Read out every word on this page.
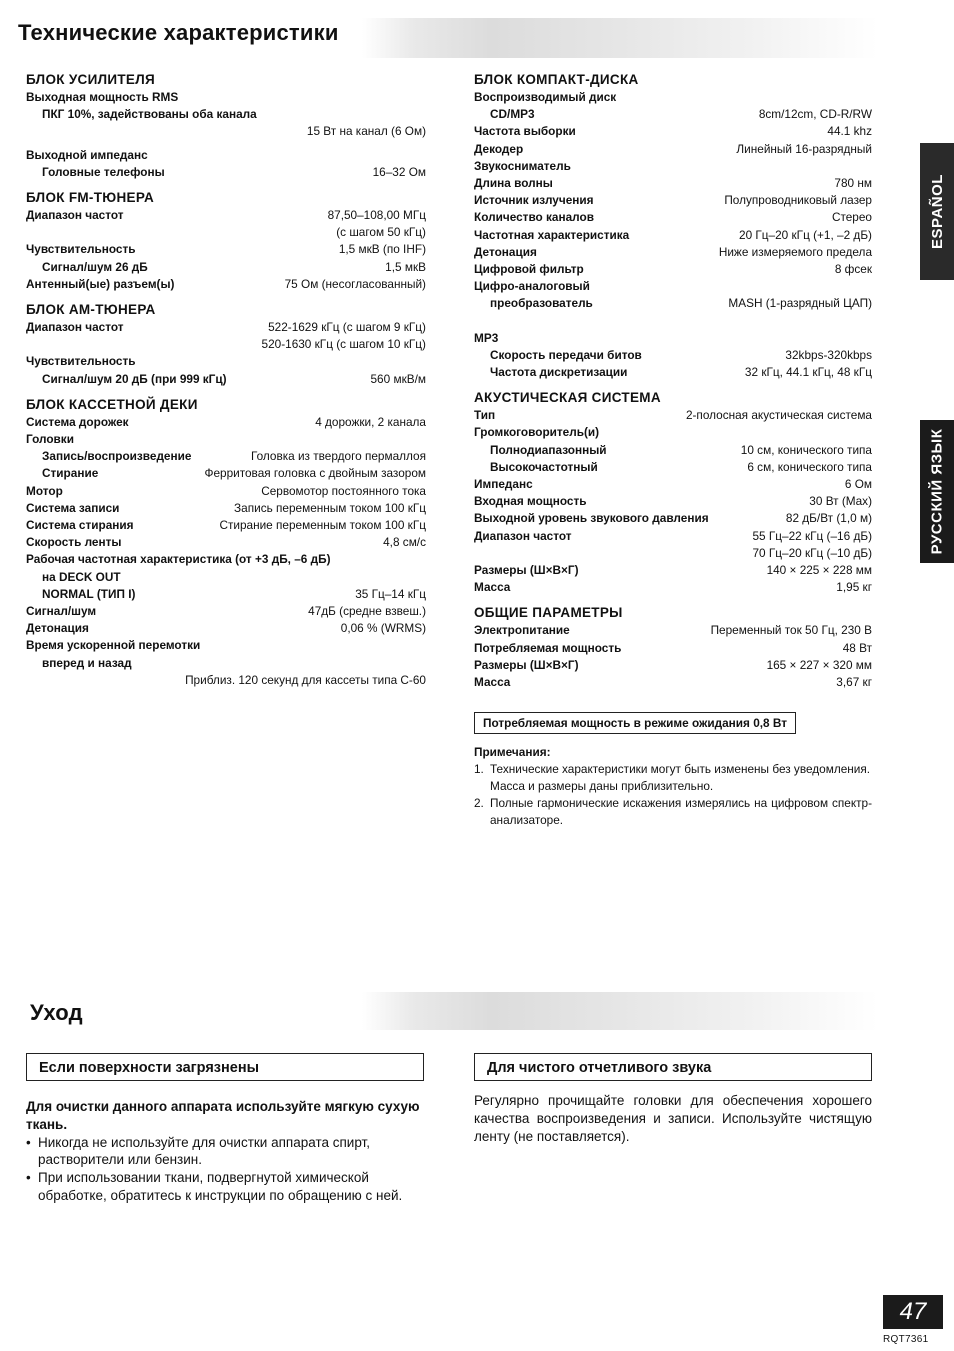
Технические характеристики
БЛОК УСИЛИТЕЛЯ
Выходная мощность RMS
ПКГ 10%, задействованы оба канала
15 Вт на канал (6 Ом)
Выходной импеданс
Головные телефоны	16–32 Ом
БЛОК FM-ТЮНЕРА
Диапазон частот	87,50–108,00 МГц
(с шагом 50 кГц)
Чувствительность	1,5 мкВ (по IHF)
Сигнал/шум 26 дБ	1,5 мкВ
Антенный(ые) разъем(ы)	75 Ом (несогласованный)
БЛОК АМ-ТЮНЕРА
Диапазон частот	522-1629 кГц (с шагом 9 кГц)
520-1630 кГц (с шагом 10 кГц)
Чувствительность
Сигнал/шум 20 дБ (при 999 кГц)	560 мкВ/м
БЛОК КАССЕТНОЙ ДЕКИ
Система дорожек	4 дорожки, 2 канала
Головки
Запись/воспроизведение	Головка из твердого пермаллоя
Стирание	Ферритовая головка с двойным зазором
Мотор	Сервомотор постоянного тока
Система записи	Запись переменным током 100 кГц
Система стирания	Стирание переменным током 100 кГц
Скорость ленты	4,8 см/с
Рабочая частотная характеристика (от +3 дБ, –6 дБ)
на DECK OUT
NORMAL (ТИП I)	35 Гц–14 кГц
Сигнал/шум	47дБ (средне взвеш.)
Детонация	0,06 % (WRMS)
Время ускоренной перемотки
вперед и назад
Приблиз. 120 секунд для кассеты типа С-60
БЛОК КОМПАКТ-ДИСКА
Воспроизводимый диск
CD/MP3	8cm/12cm, CD-R/RW
Частота выборки	44.1 khz
Декодер	Линейный 16-разрядный
Звукосниматель
Длина волны	780 нм
Источник излучения	Полупроводниковый лазер
Количество каналов	Стерео
Частотная характеристика	20 Гц–20 кГц (+1, –2 дБ)
Детонация	Ниже измеряемого предела
Цифровой фильтр	8 фсек
Цифро-аналоговый
преобразователь	MASH (1-разрядный ЦАП)
MP3
Скорость передачи битов	32kbps-320kbps
Частота дискретизации	32 кГц, 44.1 кГц, 48 кГц
АКУСТИЧЕСКАЯ СИСТЕМА
Тип	2-полосная акустическая система
Громкоговоритель(и)
Полнодиапазонный	10 см, конического типа
Высокочастотный	6 см, конического типа
Импеданс	6 Ом
Входная мощность	30 Вт (Max)
Выходной уровень звукового давления	82 дБ/Вт (1,0 м)
Диапазон частот	55 Гц–22 кГц (–16 дБ)
70 Гц–20 кГц (–10 дБ)
Размеры (Ш×В×Г)	140 × 225 × 228 мм
Масса	1,95 кг
ОБЩИЕ ПАРАМЕТРЫ
Электропитание	Переменный ток 50 Гц, 230 В
Потребляемая мощность	48 Вт
Размеры (Ш×В×Г)	165 × 227 × 320 мм
Масса	3,67 кг
Потребляемая мощность в режиме ожидания 0,8 Вт
Примечания:
1. Технические характеристики могут быть изменены без уведомления.
Масса и размеры даны приблизительно.
2. Полные гармонические искажения измерялись на цифровом спектр-анализаторе.
ESPAÑOL
РУССКИЙ ЯЗЫК
Уход
Если поверхности загрязнены
Для очистки данного аппарата используйте мягкую сухую ткань.
• Никогда не используйте для очистки аппарата спирт, растворители или бензин.
• При использовании ткани, подвергнутой химической обработке, обратитесь к инструкции по обращению с ней.
Для чистого отчетливого звука
Регулярно прочищайте головки для обеспечения хорошего качества воспроизведения и записи. Используйте чистящую ленту (не поставляется).
47
RQT7361
